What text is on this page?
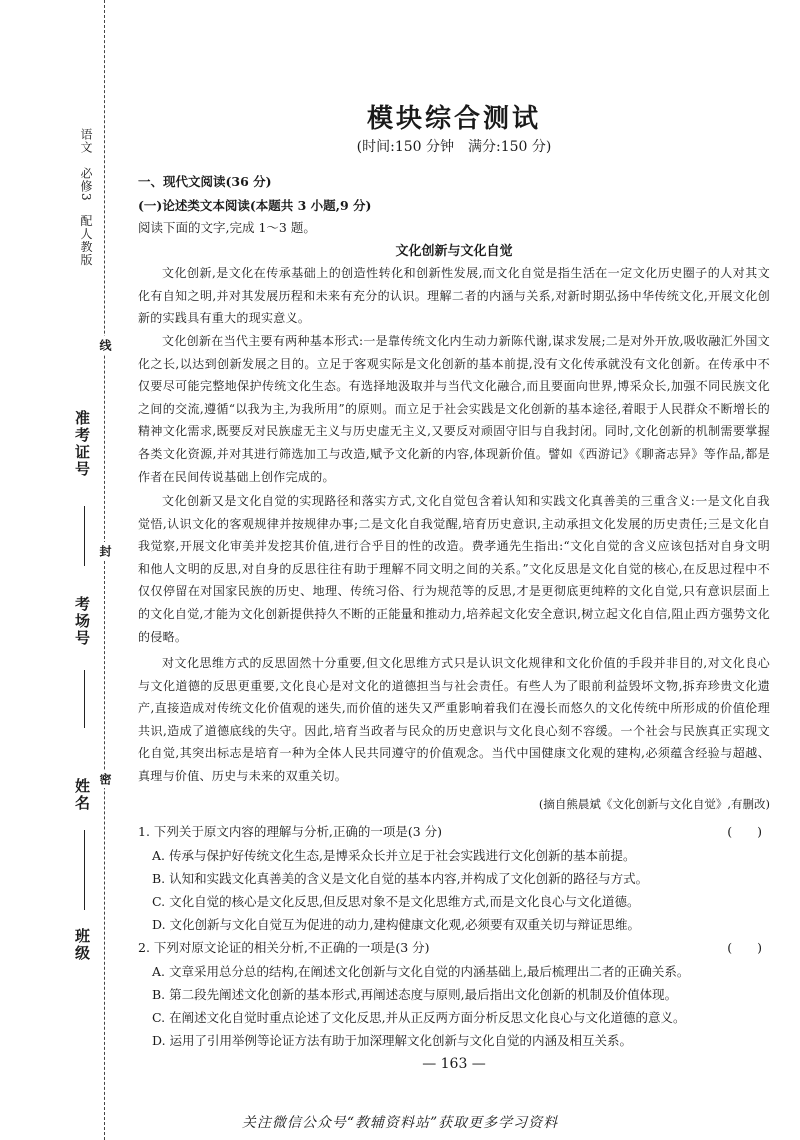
语文　必修3　配人教版
准考证号
考场号
姓名
班级
线
封
密
模块综合测试
(时间:150 分钟　满分:150 分)
一、现代文阅读(36 分)
(一)论述类文本阅读(本题共 3 小题,9 分)
阅读下面的文字,完成 1～3 题。
文化创新与文化自觉

文化创新,是文化在传承基础上的创造性转化和创新性发展,而文化自觉是指生活在一定文化历史圈子的人对其文化有自知之明,并对其发展历程和未来有充分的认识。理解二者的内涵与关系,对新时期弘扬中华传统文化,开展文化创新的实践具有重大的现实意义。

文化创新在当代主要有两种基本形式:一是靠传统文化内生动力新陈代谢,谋求发展;二是对外开放,吸收融汇外国文化之长,以达到创新发展之目的。立足于客观实际是文化创新的基本前提,没有文化传承就没有文化创新。在传承中不仅要尽可能完整地保护传统文化生态。有选择地汲取并与当代文化融合,而且要面向世界,博采众长,加强不同民族文化之间的交流,遵循“以我为主,为我所用”的原则。而立足于社会实践是文化创新的基本途径,着眼于人民群众不断增长的精神文化需求,既要反对民族虚无主义与历史虚无主义,又要反对顽固守旧与自我封闭。同时,文化创新的机制需要掌握各类文化资源,并对其进行筛选加工与改造,赋予文化新的内容,体现新价值。譬如《西游记》《聊斋志异》等作品,都是作者在民间传说基础上创作完成的。

文化创新又是文化自觉的实现路径和落实方式,文化自觉包含着认知和实践文化真善美的三重含义:一是文化自我觉悟,认识文化的客观规律并按规律办事;二是文化自我觉醒,培育历史意识,主动承担文化发展的历史责任;三是文化自我觉察,开展文化审美并发挖其价值,进行合乎目的性的改造。费孝通先生指出:“文化自觉的含义应该包括对自身文明和他人文明的反思,对自身的反思往往有助于理解不同文明之间的关系。”文化反思是文化自觉的核心,在反思过程中不仅仅停留在对国家民族的历史、地理、传统习俗、行为规范等的反思,才是更彻底更纯粹的文化自觉,只有意识层面上的文化自觉,才能为文化创新提供持久不断的正能量和推动力,培养起文化安全意识,树立起文化自信,阻止西方强势文化的侵略。

对文化思维方式的反思固然十分重要,但文化思维方式只是认识文化规律和文化价值的手段并非目的,对文化良心与文化道德的反思更重要,文化良心是对文化的道德担当与社会责任。有些人为了眼前利益毁坏文物,拆弃珍贵文化遗产,直接造成对传统文化价值观的迷失,而价值的迷失又严重影响着我们在漫长而悠久的文化传统中所形成的价值伦理共识,造成了道德底线的失守。因此,培育当政者与民众的历史意识与文化良心刻不容缓。一个社会与民族真正实现文化自觉,其突出标志是培育一种为全体人民共同遵守的价值观念。当代中国健康文化观的建构,必须蕴含经验与超越、真理与价值、历史与未来的双重关切。

(摘自熊晨斌《文化创新与文化自觉》,有删改)
1. 下列关于原文内容的理解与分析,正确的一项是(3 分)	(　　)
A. 传承与保护好传统文化生态,是博采众长并立足于社会实践进行文化创新的基本前提。
B. 认知和实践文化真善美的含义是文化自觉的基本内容,并构成了文化创新的路径与方式。
C. 文化自觉的核心是文化反思,但反思对象不是文化思维方式,而是文化良心与文化道德。
D. 文化创新与文化自觉互为促进的动力,建构健康文化观,必须要有双重关切与辩证思维。
2. 下列对原文论证的相关分析,不正确的一项是(3 分)	(　　)
A. 文章采用总分总的结构,在阐述文化创新与文化自觉的内涵基础上,最后梳理出二者的正确关系。
B. 第二段先阐述文化创新的基本形式,再阐述态度与原则,最后指出文化创新的机制及价值体现。
C. 在阐述文化自觉时重点论述了文化反思,并从正反两方面分析反思文化良心与文化道德的意义。
D. 运用了引用举例等论证方法有助于加深理解文化创新与文化自觉的内涵及相互关系。
— 163 —
关注微信公众号“教辅资料站”获取更多学习资料
